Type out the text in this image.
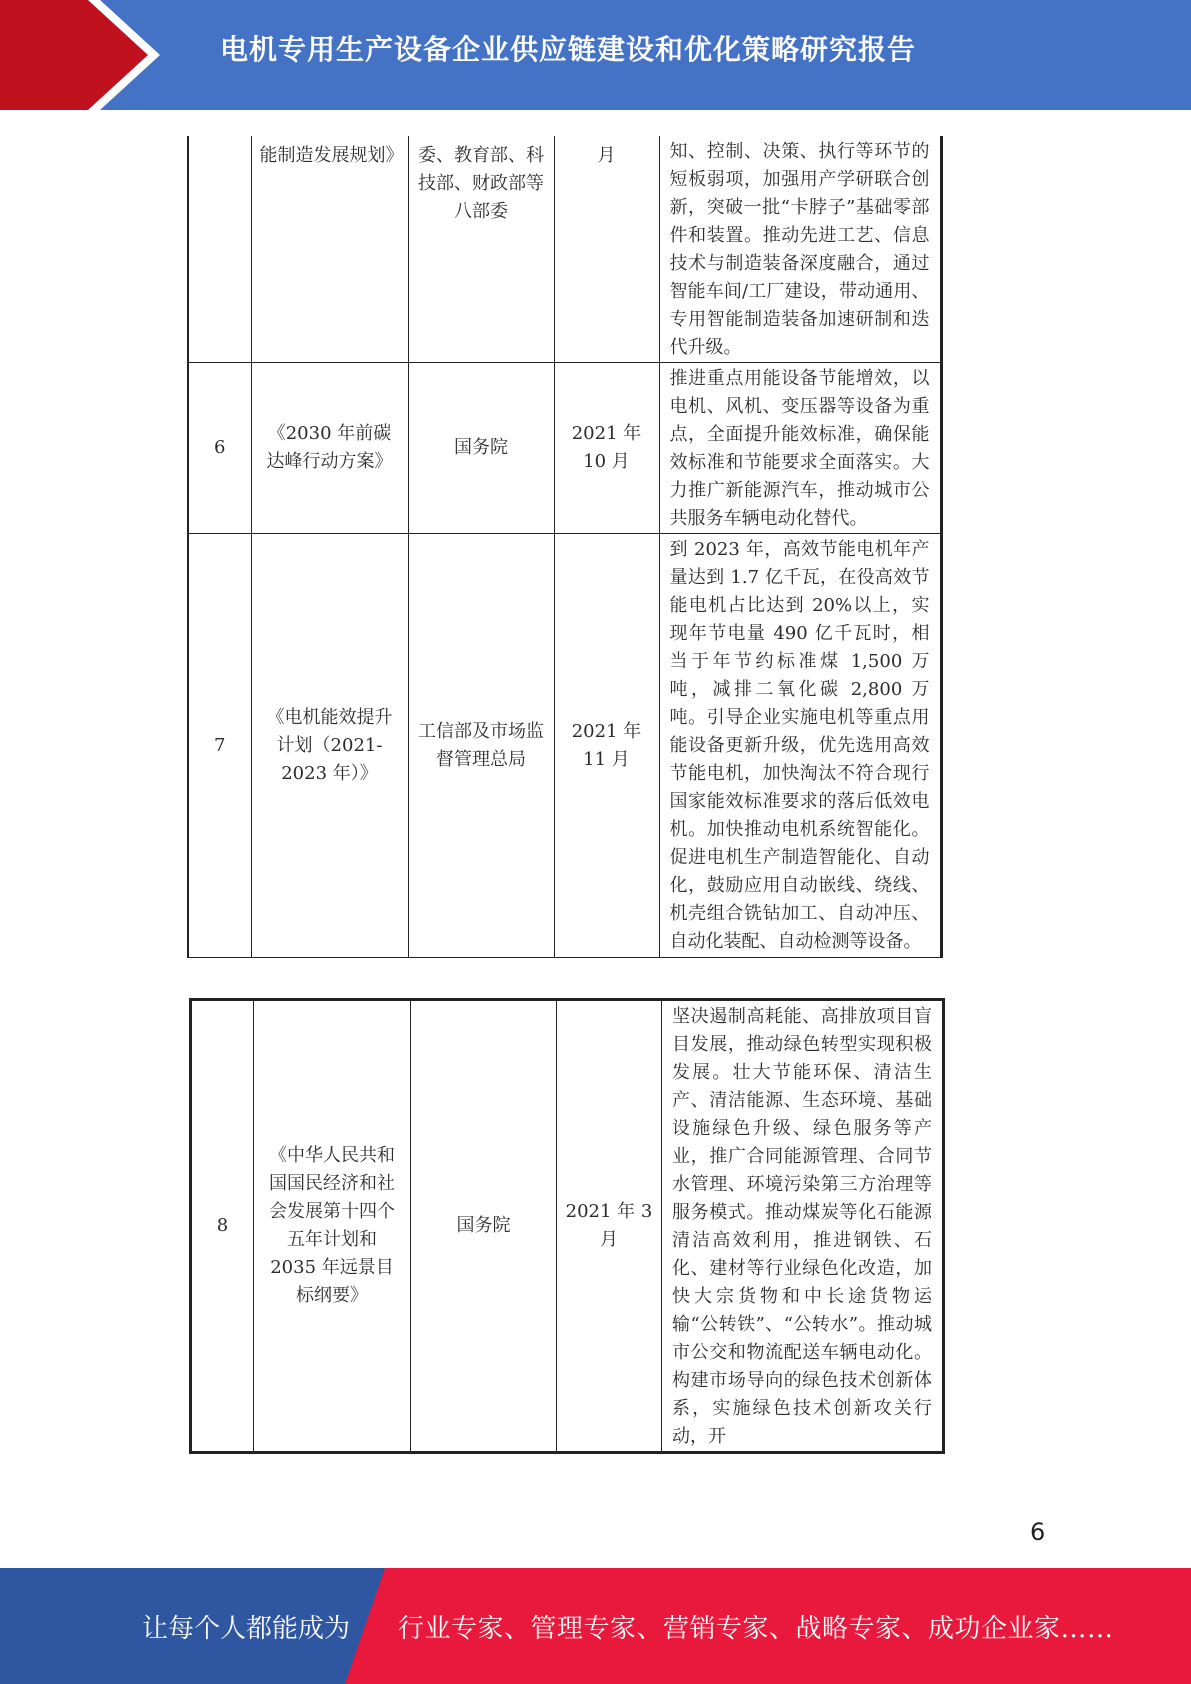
电机专用生产设备企业供应链建设和优化策略研究报告
	能制造发展规划》	委、教育部、科技部、财政部等八部委	月	知、控制、决策、执行等环节的短板弱项，加强用产学研联合创新，突破一批“卡脖子”基础零部件和装置。推动先进工艺、信息技术与制造装备深度融合，通过智能车间/工厂建设，带动通用、专用智能制造装备加速研制和迭代升级。
6	《2030 年前碳达峰行动方案》	国务院	2021 年 10 月	推进重点用能设备节能增效，以电机、风机、变压器等设备为重点，全面提升能效标准，确保能效标准和节能要求全面落实。大力推广新能源汽车，推动城市公共服务车辆电动化替代。
7	《电机能效提升计划（2021-2023 年）》	工信部及市场监督管理总局	2021 年 11 月	到 2023 年，高效节能电机年产量达到 1.7 亿千瓦，在役高效节能电机占比达到 20%以上，实现年节电量 490 亿千瓦时，相当于年节约标准煤 1,500 万吨，减排二氧化碳 2,800 万吨。引导企业实施电机等重点用能设备更新升级，优先选用高效节能电机，加快淘汰不符合现行国家能效标准要求的落后低效电机。加快推动电机系统智能化。促进电机生产制造智能化、自动化，鼓励应用自动嵌线、绕线、机壳组合铣钻加工、自动冲压、自动化装配、自动检测等设备。
8	《中华人民共和国国民经济和社会发展第十四个五年计划和 2035 年远景目标纲要》	国务院	2021 年 3 月	坚决遏制高耗能、高排放项目盲目发展，推动绿色转型实现积极发展。壮大节能环保、清洁生产、清洁能源、生态环境、基础设施绿色升级、绿色服务等产业，推广合同能源管理、合同节水管理、环境污染第三方治理等服务模式。推动煤炭等化石能源清洁高效利用，推进钢铁、石化、建材等行业绿色化改造，加快大宗货物和中长途货物运输“公转铁”、“公转水”。推动城市公交和物流配送车辆电动化。构建市场导向的绿色技术创新体系，实施绿色技术创新攻关行动，开
6
让每个人都能成为 行业专家、管理专家、营销专家、战略专家、成功企业家……
